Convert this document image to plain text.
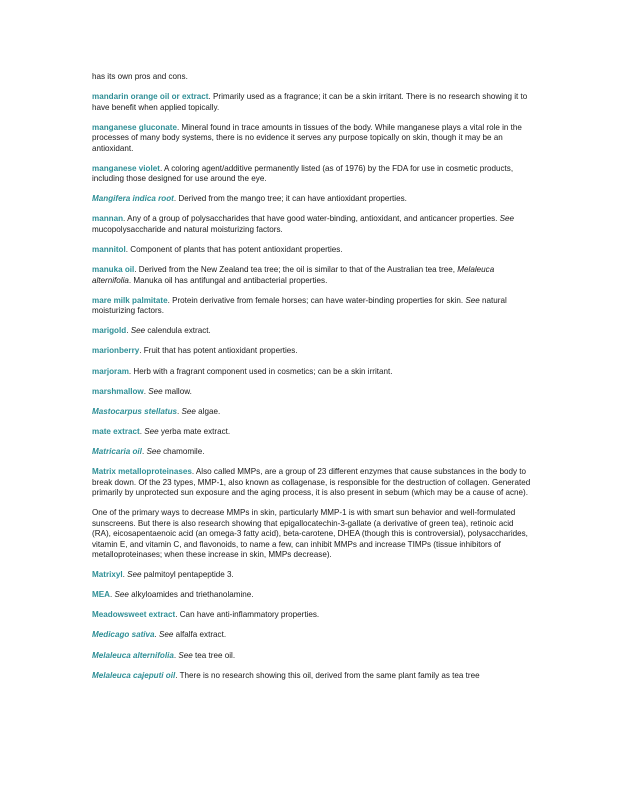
has its own pros and cons.

mandarin orange oil or extract. Primarily used as a fragrance; it can be a skin irritant. There is no research showing it to have benefit when applied topically.

manganese gluconate. Mineral found in trace amounts in tissues of the body. While manganese plays a vital role in the processes of many body systems, there is no evidence it serves any purpose topically on skin, though it may be an antioxidant.

manganese violet. A coloring agent/additive permanently listed (as of 1976) by the FDA for use in cosmetic products, including those designed for use around the eye.

Mangifera indica root. Derived from the mango tree; it can have antioxidant properties.

mannan. Any of a group of polysaccharides that have good water-binding, antioxidant, and anticancer properties. See mucopolysaccharide and natural moisturizing factors.

mannitol. Component of plants that has potent antioxidant properties.

manuka oil. Derived from the New Zealand tea tree; the oil is similar to that of the Australian tea tree, Melaleuca alternifolia. Manuka oil has antifungal and antibacterial properties.

mare milk palmitate. Protein derivative from female horses; can have water-binding properties for skin. See natural moisturizing factors.

marigold. See calendula extract.

marionberry. Fruit that has potent antioxidant properties.

marjoram. Herb with a fragrant component used in cosmetics; can be a skin irritant.

marshmallow. See mallow.

Mastocarpus stellatus. See algae.

mate extract. See yerba mate extract.

Matricaria oil. See chamomile.

Matrix metalloproteinases. Also called MMPs, are a group of 23 different enzymes that cause substances in the body to break down. Of the 23 types, MMP-1, also known as collagenase, is responsible for the destruction of collagen. Generated primarily by unprotected sun exposure and the aging process, it is also present in sebum (which may be a cause of acne).

One of the primary ways to decrease MMPs in skin, particularly MMP-1 is with smart sun behavior and well-formulated sunscreens. But there is also research showing that epigallocatechin-3-gallate (a derivative of green tea), retinoic acid (RA), eicosapentaenoic acid (an omega-3 fatty acid), beta-carotene, DHEA (though this is controversial), polysaccharides, vitamin E, and vitamin C, and flavonoids, to name a few, can inhibit MMPs and increase TIMPs (tissue inhibitors of metalloproteinases; when these increase in skin, MMPs decrease).

Matrixyl. See palmitoyl pentapeptide 3.

MEA. See alkyloamides and triethanolamine.

Meadowsweet extract. Can have anti-inflammatory properties.

Medicago sativa. See alfalfa extract.

Melaleuca alternifolia. See tea tree oil.

Melaleuca cajeputi oil. There is no research showing this oil, derived from the same plant family as tea tree
